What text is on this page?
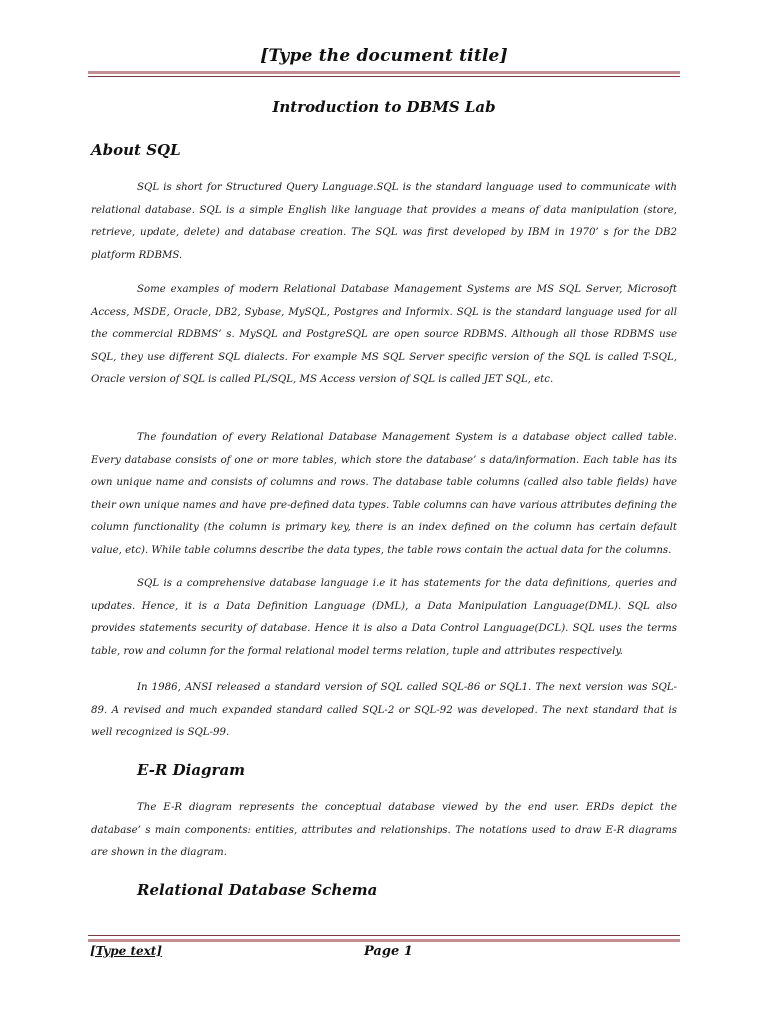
[Type the document title]
Introduction to DBMS Lab
About SQL
SQL is short for Structured Query Language.SQL is the standard language used to communicate with relational database. SQL is a simple English like language that provides a means of data manipulation (store, retrieve, update, delete) and database creation. The SQL was first developed by IBM in 1970’ s for the DB2 platform RDBMS.
Some examples of modern Relational Database Management Systems are MS SQL Server, Microsoft Access, MSDE, Oracle, DB2, Sybase, MySQL, Postgres and Informix. SQL is the standard language used for all the commercial RDBMS’ s. MySQL and PostgreSQL are open source RDBMS. Although all those RDBMS use SQL, they use different SQL dialects. For example MS SQL Server specific version of the SQL is called T-SQL, Oracle version of SQL is called PL/SQL, MS Access version of SQL is called JET SQL, etc.
The foundation of every Relational Database Management System is a database object called table. Every database consists of one or more tables, which store the database’ s data/information. Each table has its own unique name and consists of columns and rows. The database table columns (called also table fields) have their own unique names and have pre-defined data types. Table columns can have various attributes defining the column functionality (the column is primary key, there is an index defined on the column has certain default value, etc). While table columns describe the data types, the table rows contain the actual data for the columns.
SQL is a comprehensive database language i.e it has statements for the data definitions, queries and updates. Hence, it is a Data Definition Language (DML), a Data Manipulation Language(DML). SQL also provides statements security of database. Hence it is also a Data Control Language(DCL). SQL uses the terms table, row and column for the formal relational model terms relation, tuple and attributes respectively.
In 1986, ANSI released a standard version of SQL called SQL-86 or SQL1. The next version was SQL-89. A revised and much expanded standard called SQL-2 or SQL-92 was developed. The next standard that is well recognized is SQL-99.
E-R Diagram
The E-R diagram represents the conceptual database viewed by the end user. ERDs depict the database’ s main components: entities, attributes and relationships. The notations used to draw E-R diagrams are shown in the diagram.
Relational Database Schema
[Type text]	Page 1
